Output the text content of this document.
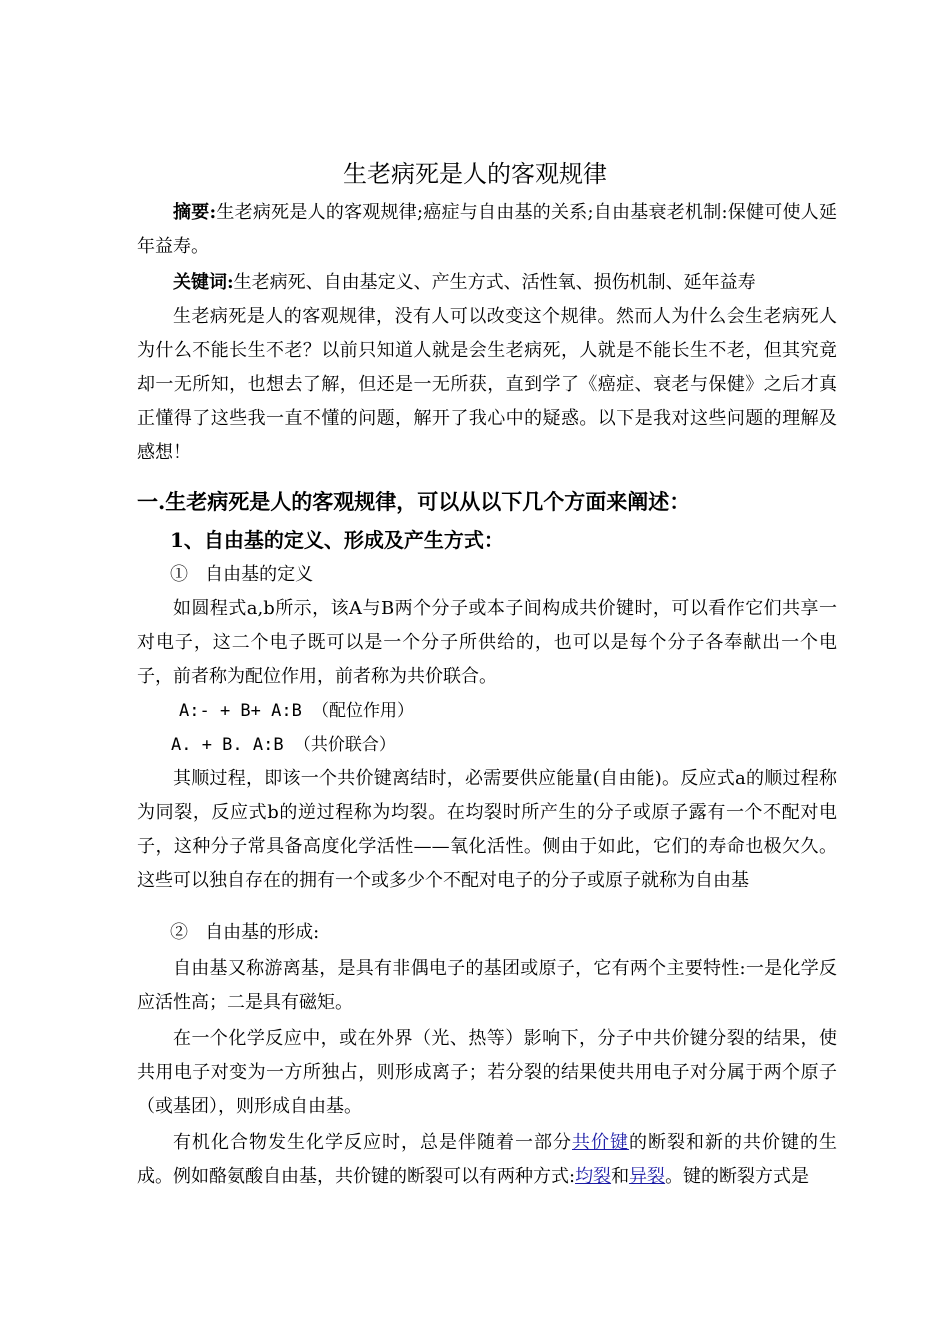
生老病死是人的客观规律

摘要:生老病死是人的客观规律;癌症与自由基的关系;自由基衰老机制:保健可使人延年益寿。

关键词:生老病死、自由基定义、产生方式、活性氧、损伤机制、延年益寿

生老病死是人的客观规律，没有人可以改变这个规律。然而人为什么会生老病死人为什么不能长生不老？以前只知道人就是会生老病死，人就是不能长生不老，但其究竟却一无所知，也想去了解，但还是一无所获，直到学了《癌症、衰老与保健》之后才真正懂得了这些我一直不懂的问题，解开了我心中的疑惑。以下是我对这些问题的理解及感想！

一.生老病死是人的客观规律，可以从以下几个方面来阐述：
1、自由基的定义、形成及产生方式：

①   自由基的定义

如圆程式a,b所示，该A与B两个分子或本子间构成共价键时，可以看作它们共享一对电子，这二个电子既可以是一个分子所供给的，也可以是每个分子各奉献出一个电子，前者称为配位作用，前者称为共价联合。

A:- + B+ A:B （配位作用）

A. + B. A:B （共价联合）

其顺过程，即该一个共价键离结时，必需要供应能量(自由能)。反应式a的顺过程称为同裂，反应式b的逆过程称为均裂。在均裂时所产生的分子或原子露有一个不配对电子，这种分子常具备高度化学活性——氧化活性。侧由于如此，它们的寿命也极欠久。这些可以独自存在的拥有一个或多少个不配对电子的分子或原子就称为自由基

②   自由基的形成:

自由基又称游离基，是具有非偶电子的基团或原子，它有两个主要特性:一是化学反应活性高；二是具有磁矩。

在一个化学反应中，或在外界（光、热等）影响下，分子中共价键分裂的结果，使共用电子对变为一方所独占，则形成离子；若分裂的结果使共用电子对分属于两个原子（或基团），则形成自由基。

有机化合物发生化学反应时，总是伴随着一部分共价键的断裂和新的共价键的生成。例如酪氨酸自由基，共价键的断裂可以有两种方式:均裂和异裂。键的断裂方式是
